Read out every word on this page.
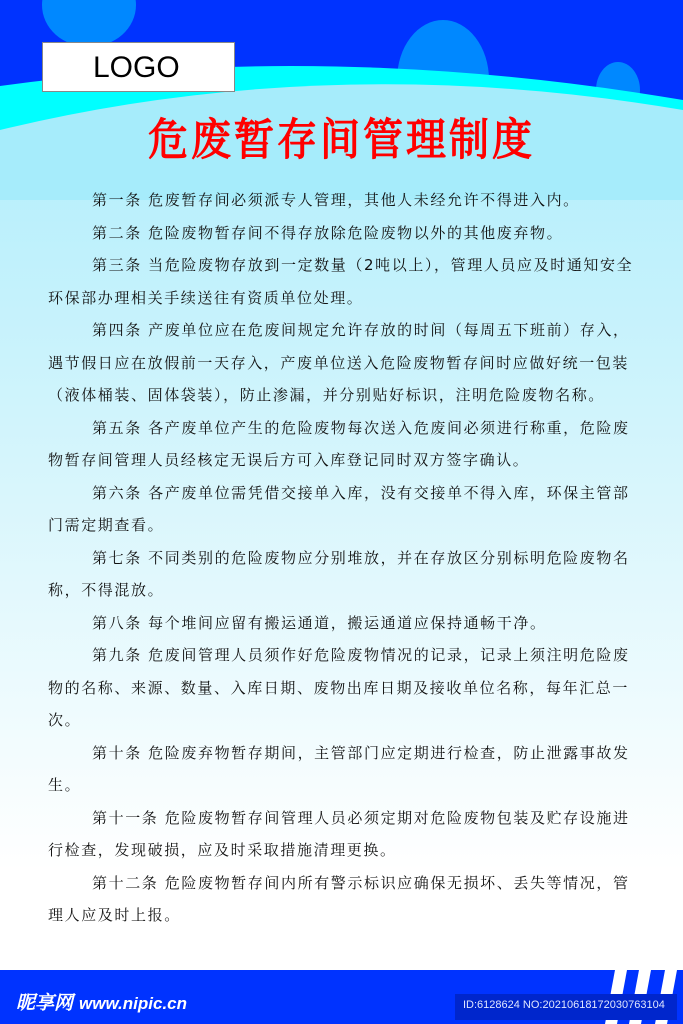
LOGO
危废暂存间管理制度

第一条 危废暂存间必须派专人管理，其他人未经允许不得进入内。

第二条 危险废物暂存间不得存放除危险废物以外的其他废弃物。

第三条 当危险废物存放到一定数量（2吨以上），管理人员应及时通知安全环保部办理相关手续送往有资质单位处理。

第四条 产废单位应在危废间规定允许存放的时间（每周五下班前）存入，遇节假日应在放假前一天存入，产废单位送入危险废物暂存间时应做好统一包装（液体桶装、固体袋装），防止渗漏，并分别贴好标识，注明危险废物名称。

第五条 各产废单位产生的危险废物每次送入危废间必须进行称重，危险废物暂存间管理人员经核定无误后方可入库登记同时双方签字确认。

第六条 各产废单位需凭借交接单入库，没有交接单不得入库，环保主管部门需定期查看。

第七条 不同类别的危险废物应分别堆放，并在存放区分别标明危险废物名称，不得混放。

第八条 每个堆间应留有搬运通道，搬运通道应保持通畅干净。

第九条 危废间管理人员须作好危险废物情况的记录，记录上须注明危险废物的名称、来源、数量、入库日期、废物出库日期及接收单位名称，每年汇总一次。

第十条 危险废弃物暂存期间，主管部门应定期进行检查，防止泄露事故发生。

第十一条 危险废物暂存间管理人员必须定期对危险废物包装及贮存设施进行检查，发现破损，应及时采取措施清理更换。

第十二条 危险废物暂存间内所有警示标识应确保无损坏、丢失等情况，管理人应及时上报。

昵享网 www.nipic.cn	ID:6128624 NO:20210618172030763104
